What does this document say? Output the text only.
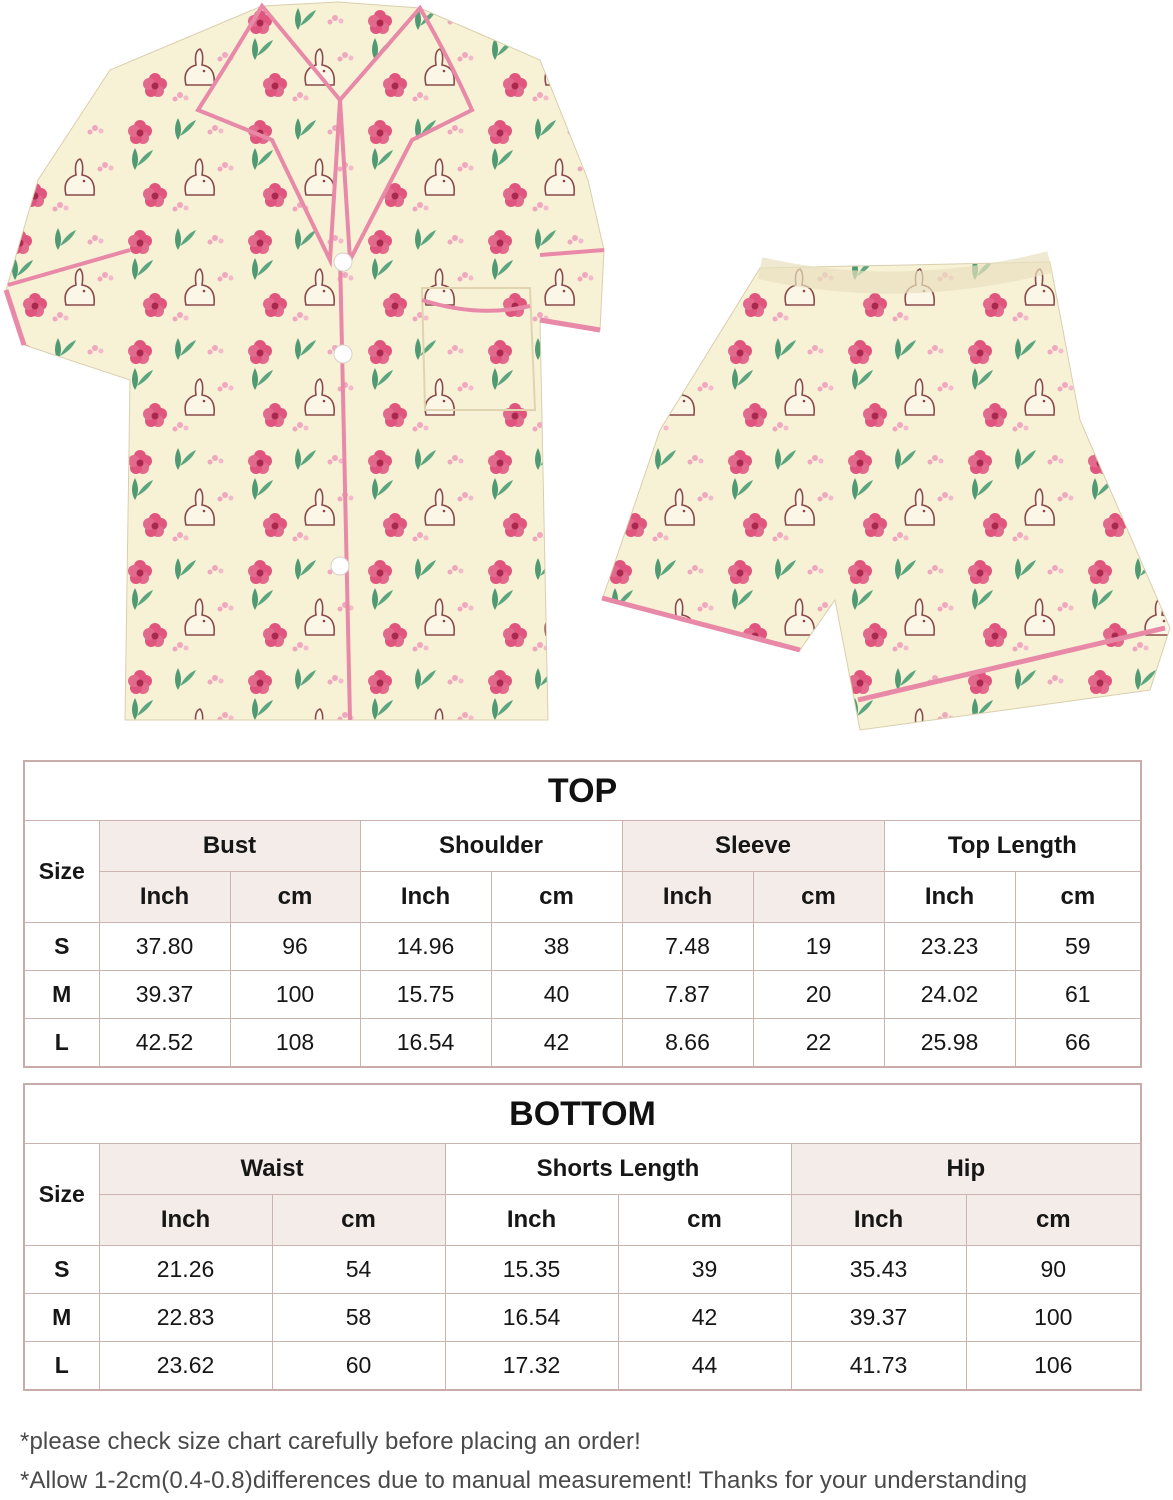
TOP								
Size	Bust		Shoulder		Sleeve		Top Length	
	Inch	cm	Inch	cm	Inch	cm	Inch	cm
S	37.80	96	14.96	38	7.48	19	23.23	59
M	39.37	100	15.75	40	7.87	20	24.02	61
L	42.52	108	16.54	42	8.66	22	25.98	66
BOTTOM						
Size	Waist		Shorts Length		Hip	
	Inch	cm	Inch	cm	Inch	cm
S	21.26	54	15.35	39	35.43	90
M	22.83	58	16.54	42	39.37	100
L	23.62	60	17.32	44	41.73	106
*please check size chart carefully before placing an order!
*Allow 1-2cm(0.4-0.8)differences due to manual measurement! Thanks for your understanding
